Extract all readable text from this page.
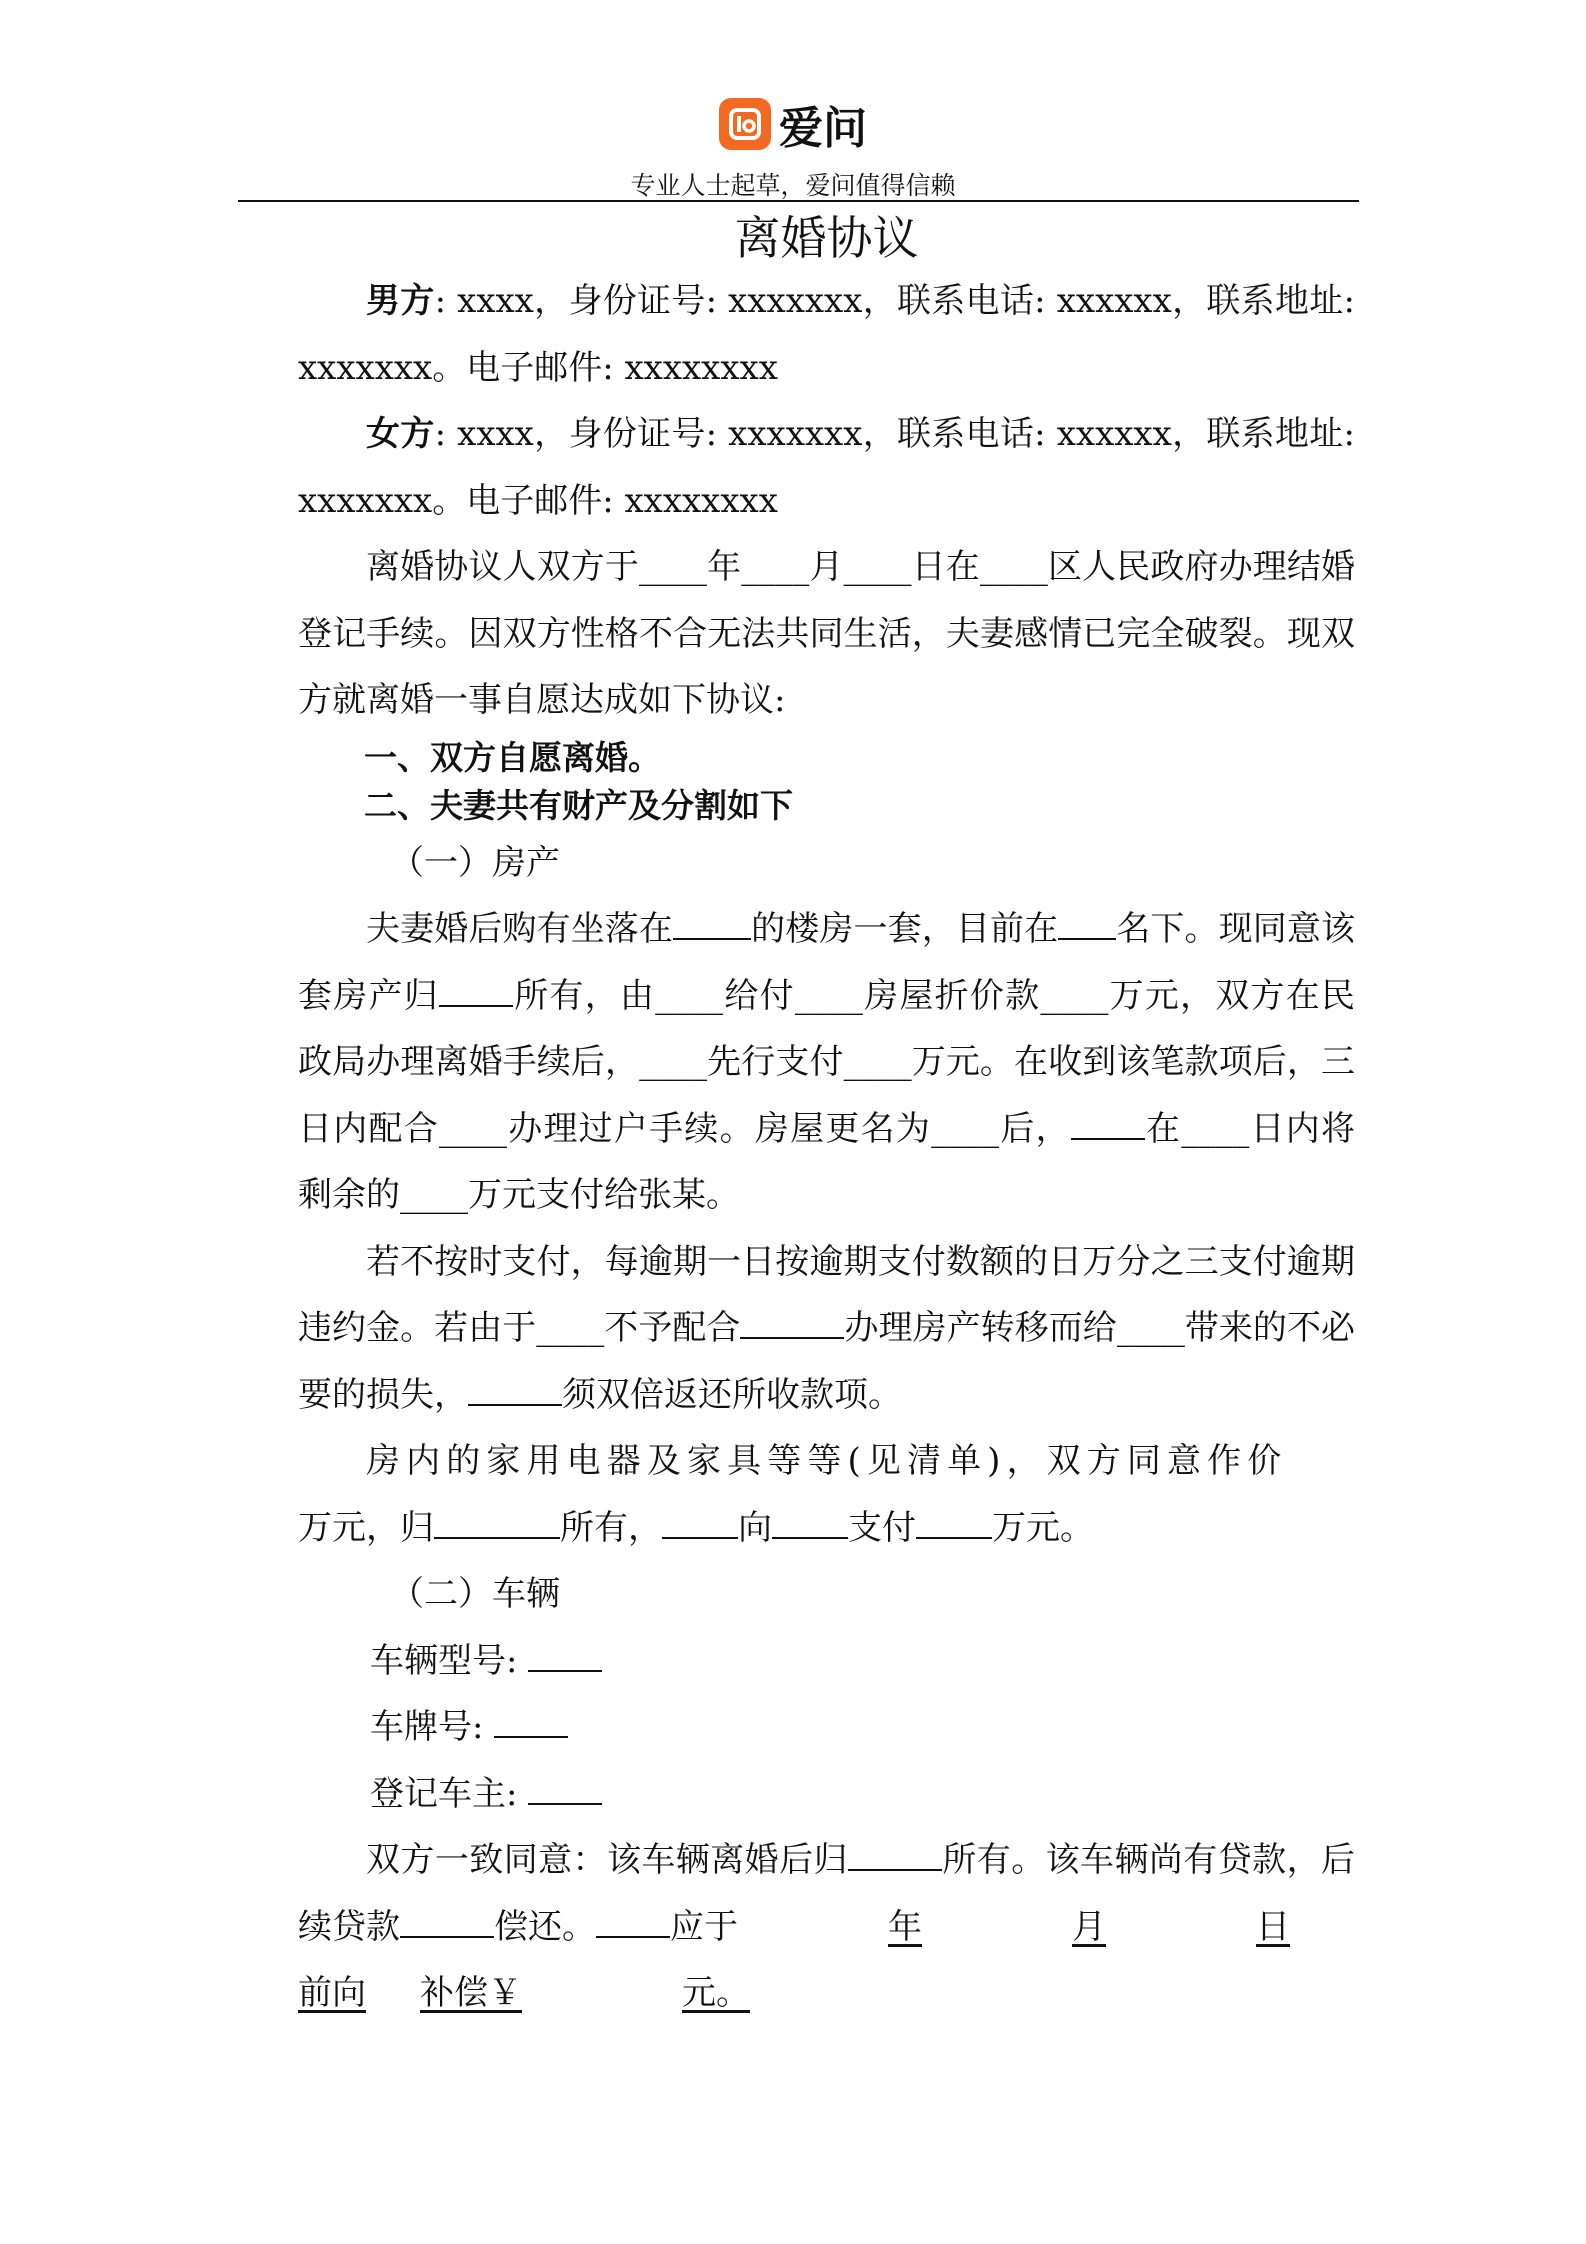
爱问
专业人士起草，爱问值得信赖
离婚协议

男方: xxxx，身份证号: xxxxxxx，联系电话: xxxxxx，联系地址: xxxxxxx。电子邮件: xxxxxxxx

女方: xxxx，身份证号: xxxxxxx，联系电话: xxxxxx，联系地址: xxxxxxx。电子邮件: xxxxxxxx

离婚协议人双方于____年____月____日在____区人民政府办理结婚登记手续。因双方性格不合无法共同生活，夫妻感情已完全破裂。现双方就离婚一事自愿达成如下协议:

一、双方自愿离婚。

二、夫妻共有财产及分割如下

（一）房产

夫妻婚后购有坐落在 的楼房一套，目前在 名下。现同意该套房产归 所有，由____给付____房屋折价款____万元，双方在民政局办理离婚手续后，____先行支付____万元。在收到该笔款项后，三日内配合____办理过户手续。房屋更名为____后， 在____日内将剩余的____万元支付给张某。

若不按时支付，每逾期一日按逾期支付数额的日万分之三支付逾期违约金。若由于____不予配合	办理房产转移而给____带来的不必要的损失，	须双倍返还所收款项。

房内的家用电器及家具等等(见清单)，双方同意作价

万元，归	所有， 向 支付 万元。

（二）车辆

车辆型号:

车牌号:

登记车主:

双方一致同意：该车辆离婚后归	所有。该车辆尚有贷款，后续贷款	偿还。 应于	年	月	日

前向 补偿￥	元。
